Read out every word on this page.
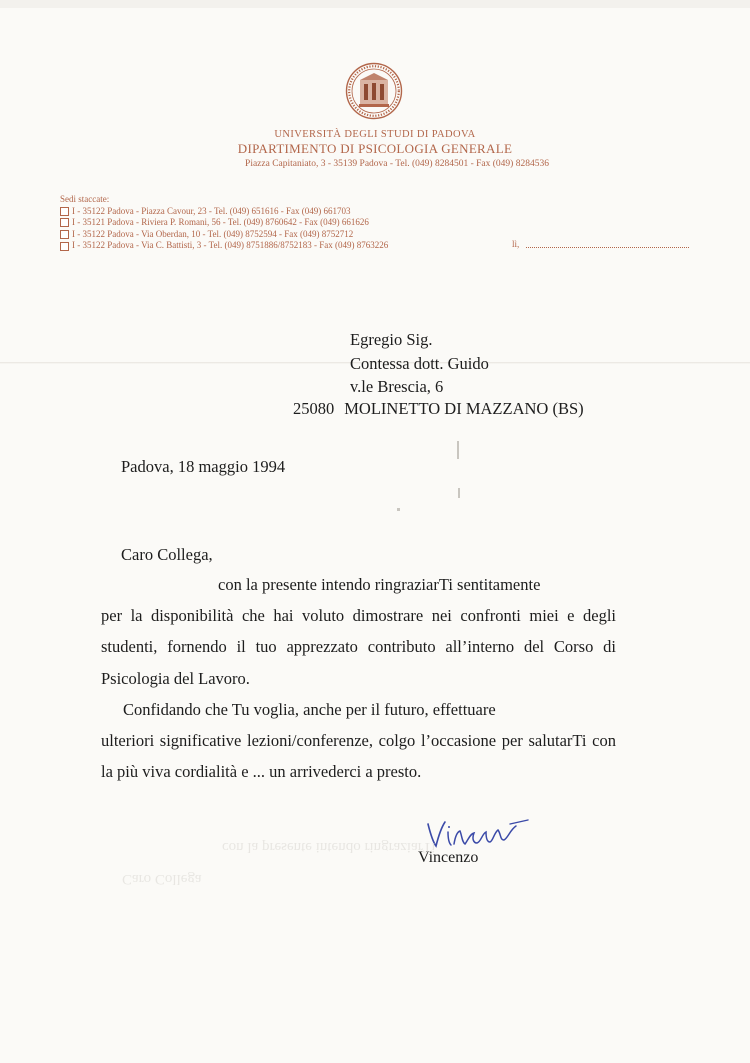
UNIVERSITÀ DEGLI STUDI DI PADOVA
DIPARTIMENTO DI PSICOLOGIA GENERALE
Piazza Capitaniato, 3 - 35139 Padova - Tel. (049) 8284501 - Fax (049) 8284536
Sedi staccate:
I - 35122 Padova - Piazza Cavour, 23 - Tel. (049) 651616 - Fax (049) 661703
I - 35121 Padova - Riviera P. Romani, 56 - Tel. (049) 8760642 - Fax (049) 661626
I - 35122 Padova - Via Oberdan, 10 - Tel. (049) 8752594 - Fax (049) 8752712
I - 35122 Padova - Via C. Battisti, 3 - Tel. (049) 8751886/8752183 - Fax (049) 8763226	lì,
Egregio Sig.
Contessa dott. Guido
v.le Brescia, 6
25080 MOLINETTO DI MAZZANO (BS)
Padova, 18 maggio 1994
Caro Collega,
con la presente intendo ringraziarTi sentitamente
per la disponibilità che hai voluto dimostrare nei confronti miei e degli studenti, fornendo il tuo apprezzato contributo all’interno del Corso di Psicologia del Lavoro.
Confidando che Tu voglia, anche per il futuro, effettuare
ulteriori significative lezioni/conferenze, colgo l’occasione per salutarTi con la più viva cordialità e ... un arrivederci a presto.
Vincenzo
con la presente intendo ringraziarTi
Caro Collega
